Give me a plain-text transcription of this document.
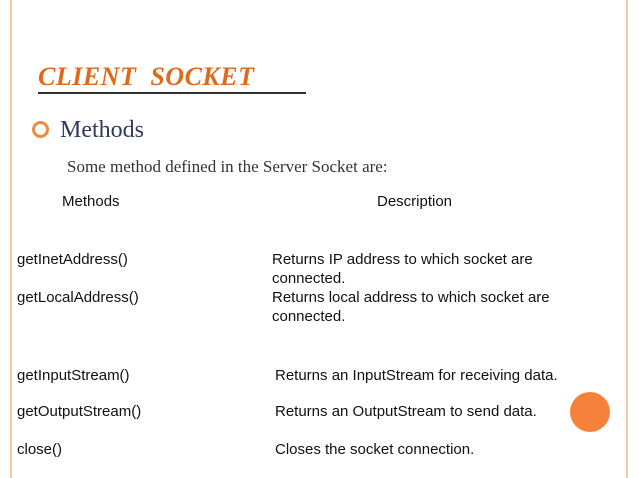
CLIENT  SOCKET
Methods
Some method defined in the Server Socket are:
Methods	Description
getInetAddress()	Returns IP address to which socket are connected.
getLocalAddress()	Returns local address to which socket are connected.
getInputStream()	Returns an InputStream for receiving data.
getOutputStream()	Returns an OutputStream to send data.
close()	Closes the socket connection.
